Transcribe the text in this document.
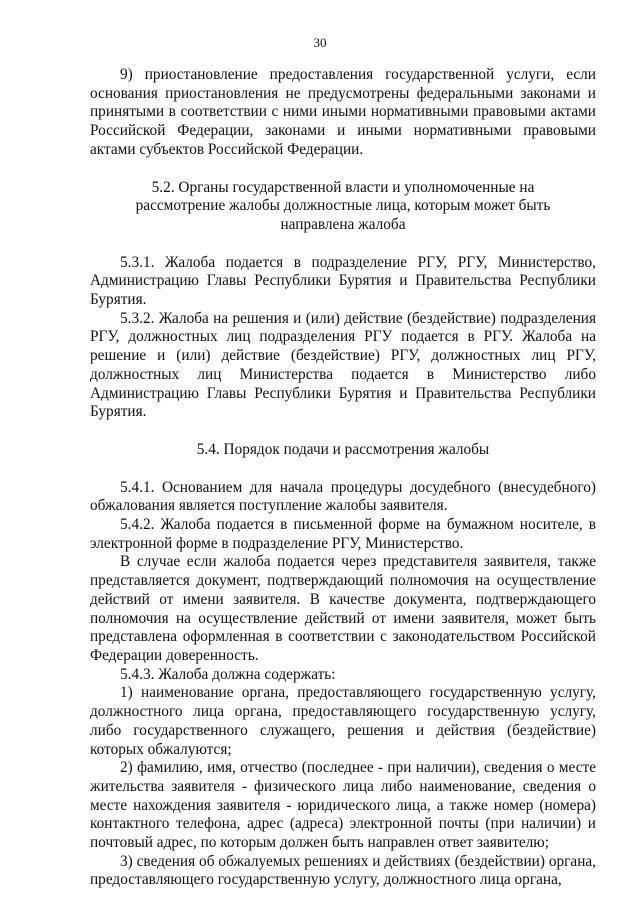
30

9) приостановление предоставления государственной услуги, если основания приостановления не предусмотрены федеральными законами и принятыми в соответствии с ними иными нормативными правовыми актами Российской Федерации, законами и иными нормативными правовыми актами субъектов Российской Федерации.

5.2. Органы государственной власти и уполномоченные на рассмотрение жалобы должностные лица, которым может быть направлена жалоба

5.3.1. Жалоба подается в подразделение РГУ, РГУ, Министерство, Администрацию Главы Республики Бурятия и Правительства Республики Бурятия.

5.3.2. Жалоба на решения и (или) действие (бездействие) подразделения РГУ, должностных лиц подразделения РГУ подается в РГУ. Жалоба на решение и (или) действие (бездействие) РГУ, должностных лиц РГУ, должностных лиц Министерства подается в Министерство либо Администрацию Главы Республики Бурятия и Правительства Республики Бурятия.

5.4. Порядок подачи и рассмотрения жалобы

5.4.1. Основанием для начала процедуры досудебного (внесудебного) обжалования является поступление жалобы заявителя.

5.4.2. Жалоба подается в письменной форме на бумажном носителе, в электронной форме в подразделение РГУ, Министерство.

В случае если жалоба подается через представителя заявителя, также представляется документ, подтверждающий полномочия на осуществление действий от имени заявителя. В качестве документа, подтверждающего полномочия на осуществление действий от имени заявителя, может быть представлена оформленная в соответствии с законодательством Российской Федерации доверенность.

5.4.3. Жалоба должна содержать:

1) наименование органа, предоставляющего государственную услугу, должностного лица органа, предоставляющего государственную услугу, либо государственного служащего, решения и действия (бездействие) которых обжалуются;

2) фамилию, имя, отчество (последнее - при наличии), сведения о месте жительства заявителя - физического лица либо наименование, сведения о месте нахождения заявителя - юридического лица, а также номер (номера) контактного телефона, адрес (адреса) электронной почты (при наличии) и почтовый адрес, по которым должен быть направлен ответ заявителю;

3) сведения об обжалуемых решениях и действиях (бездействии) органа, предоставляющего государственную услугу, должностного лица органа,
